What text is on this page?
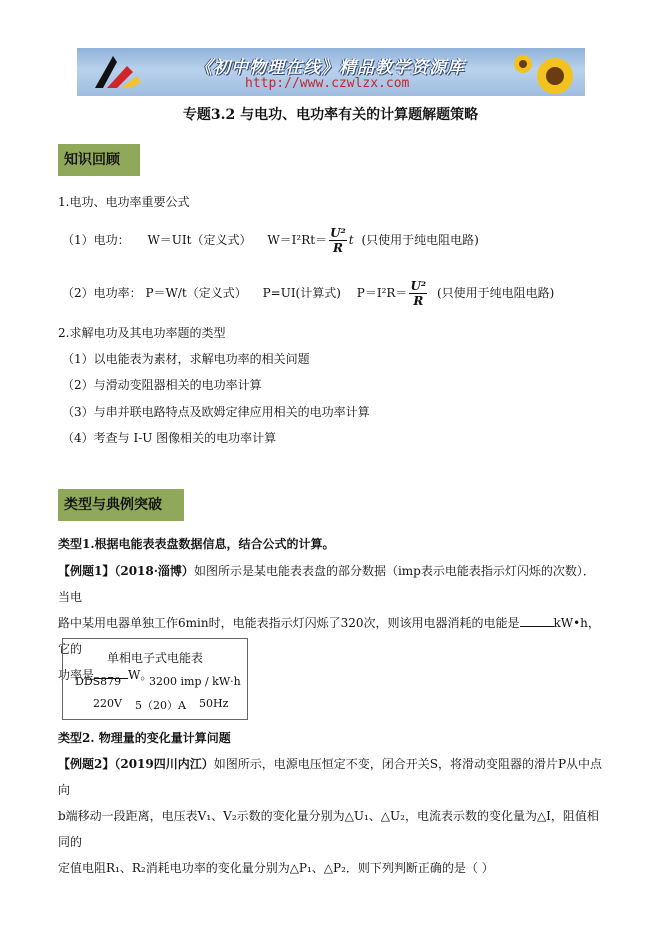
《初中物理在线》精品教学资源库
http://www.czwlzx.com
专题3.2 与电功、电功率有关的计算题解题策略
知识回顾
1.电功、电功率重要公式
（1）电功： W＝UIt（定义式） $W=I^2Rt= \frac{\text{U²}}{R}$ t (只使用于纯电阻电路)
（2）电功率： P＝W/t（定义式） P=UI(计算式) $P=I^2R= \frac{\text{U²}}{R}$ (只使用于纯电阻电路)
2.求解电功及其电功率题的类型
（1）以电能表为素材，求解电功率的相关问题
（2）与滑动变阻器相关的电功率计算
（3）与串并联电路特点及欧姆定律应用相关的电功率计算
（4）考查与 I-U 图像相关的电功率计算
类型与典例突破
类型1.根据电能表表盘数据信息，结合公式的计算。
【例题1】（2018·淄博）如图所示是某电能表表盘的部分数据（imp表示电能表指示灯闪烁的次数）．当电
路中某用电器单独工作6min时，电能表指示灯闪烁了320次，则该用电器消耗的电能是	kW•h，它的
功率是	W。
单相电子式电能表
DDS879	3200 imp / kW·h
220V 5（20）A 50Hz
类型2. 物理量的变化量计算问题
【例题2】（2019四川内江）如图所示，电源电压恒定不变，闭合开关S，将滑动变阻器的滑片P从中点向
b端移动一段距离，电压表V₁、V₂示数的变化量分别为△U₁、△U₂，电流表示数的变化量为△I，阻值相同的
定值电阻R₁、R₂消耗电功率的变化量分别为△P₁、△P₂．则下列判断正确的是（ ）
